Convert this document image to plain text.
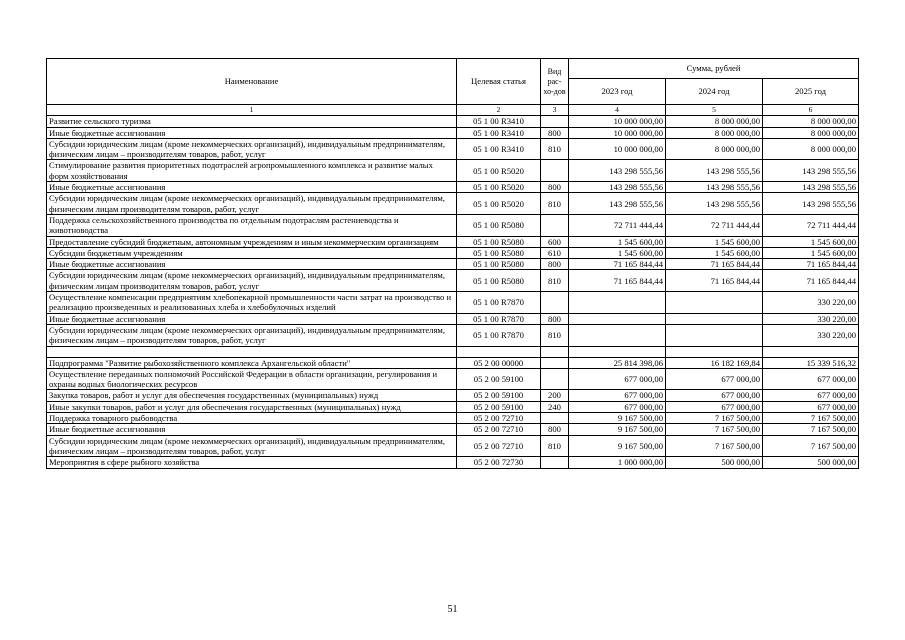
Наименование	Целевая статья	Вид рас-хо-дов	Сумма, рублей		
			2023 год	2024 год	2025 год
1	2	3	4	5	6
Развитие сельского туризма	05 1 00 R3410		10 000 000,00	8 000 000,00	8 000 000,00
Иные бюджетные ассигнования	05 1 00 R3410	800	10 000 000,00	8 000 000,00	8 000 000,00
Субсидии юридическим лицам (кроме некоммерческих организаций), индивидуальным предпринимателям, физическим лицам – производителям товаров, работ, услуг	05 1 00 R3410	810	10 000 000,00	8 000 000,00	8 000 000,00
Стимулирование развития приоритетных подотраслей агропромышленного комплекса и развитие малых форм хозяйствования	05 1 00 R5020		143 298 555,56	143 298 555,56	143 298 555,56
Иные бюджетные ассигнования	05 1 00 R5020	800	143 298 555,56	143 298 555,56	143 298 555,56
Субсидии юридическим лицам (кроме некоммерческих организаций), индивидуальным предпринимателям, физическим лицам производителям товаров, работ, услуг	05 1 00 R5020	810	143 298 555,56	143 298 555,56	143 298 555,56
Поддержка сельскохозяйственного производства по отдельным подотраслям растениеводства и животноводства	05 1 00 R5080		72 711 444,44	72 711 444,44	72 711 444,44
Предоставление субсидий бюджетным, автономным учреждениям и иным некоммерческим организациям	05 1 00 R5080	600	1 545 600,00	1 545 600,00	1 545 600,00
Субсидии бюджетным учреждениям	05 1 00 R5080	610	1 545 600,00	1 545 600,00	1 545 600,00
Иные бюджетные ассигнования	05 1 00 R5080	800	71 165 844,44	71 165 844,44	71 165 844,44
Субсидии юридическим лицам (кроме некоммерческих организаций), индивидуальным предпринимателям, физическим лицам производителям товаров, работ, услуг	05 1 00 R5080	810	71 165 844,44	71 165 844,44	71 165 844,44
Осуществление компенсации предприятиям хлебопекарной промышленности части затрат на производство и реализацию произведенных и реализованных хлеба и хлебобулочных изделий	05 1 00 R7870				330 220,00
Иные бюджетные ассигнования	05 1 00 R7870	800			330 220,00
Субсидии юридическим лицам (кроме некоммерческих организаций), индивидуальным предпринимателям, физическим лицам – производителям товаров, работ, услуг	05 1 00 R7870	810			330 220,00

Подпрограмма "Развитие рыбохозяйственного комплекса Архангельской области"	05 2 00 00000		25 814 398,06	16 182 169,84	15 339 516,32
Осуществление переданных полномочий Российской Федерации в области организации, регулирования и охраны водных биологических ресурсов	05 2 00 59100		677 000,00	677 000,00	677 000,00
Закупка товаров, работ и услуг для обеспечения государственных (муниципальных) нужд	05 2 00 59100	200	677 000,00	677 000,00	677 000,00
Иные закупки товаров, работ и услуг для обеспечения государственных (муниципальных) нужд	05 2 00 59100	240	677 000,00	677 000,00	677 000,00
Поддержка товарного рыбоводства	05 2 00 72710		9 167 500,00	7 167 500,00	7 167 500,00
Иные бюджетные ассигнования	05 2 00 72710	800	9 167 500,00	7 167 500,00	7 167 500,00
Субсидии юридическим лицам (кроме некоммерческих организаций), индивидуальным предпринимателям, физическим лицам – производителям товаров, работ, услуг	05 2 00 72710	810	9 167 500,00	7 167 500,00	7 167 500,00
Мероприятия в сфере рыбного хозяйства	05 2 00 72730		1 000 000,00	500 000,00	500 000,00
51
